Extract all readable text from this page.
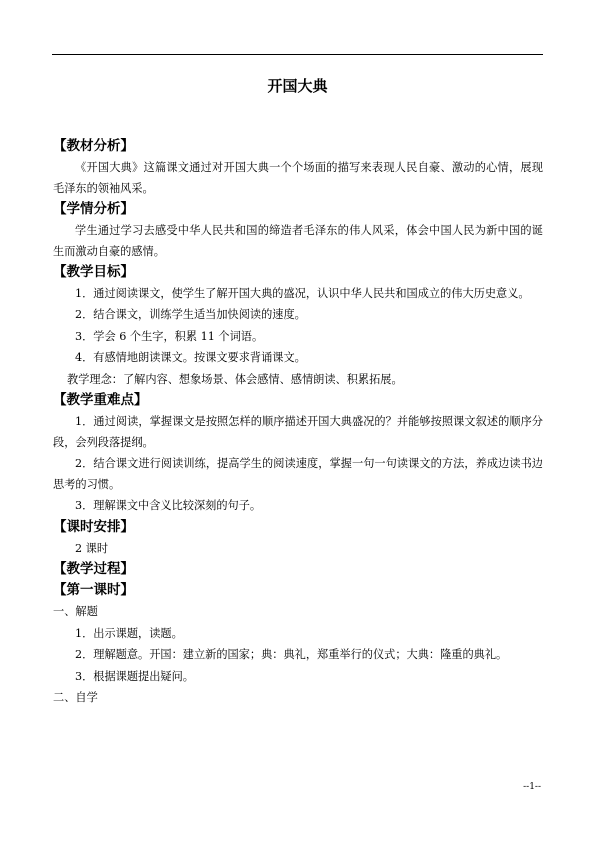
开国大典
【教材分析】
《开国大典》这篇课文通过对开国大典一个个场面的描写来表现人民自豪、激动的心情，展现毛泽东的领袖风采。
【学情分析】
学生通过学习去感受中华人民共和国的缔造者毛泽东的伟人风采，体会中国人民为新中国的诞生而激动自豪的感情。
【教学目标】
1．通过阅读课文，使学生了解开国大典的盛况，认识中华人民共和国成立的伟大历史意义。
2．结合课文，训练学生适当加快阅读的速度。
3．学会 6 个生字，积累 11 个词语。
4．有感情地朗读课文。按课文要求背诵课文。
教学理念：了解内容、想象场景、体会感情、感情朗读、积累拓展。
【教学重难点】
1．通过阅读，掌握课文是按照怎样的顺序描述开国大典盛况的？并能够按照课文叙述的顺序分段，会列段落提纲。
2．结合课文进行阅读训练，提高学生的阅读速度，掌握一句一句读课文的方法，养成边读书边思考的习惯。
3．理解课文中含义比较深刻的句子。
【课时安排】
2 课时
【教学过程】
【第一课时】
一、解题
1．出示课题，读题。
2．理解题意。开国：建立新的国家；典：典礼，郑重举行的仪式；大典：隆重的典礼。
3．根据课题提出疑问。
二、自学
--1--
